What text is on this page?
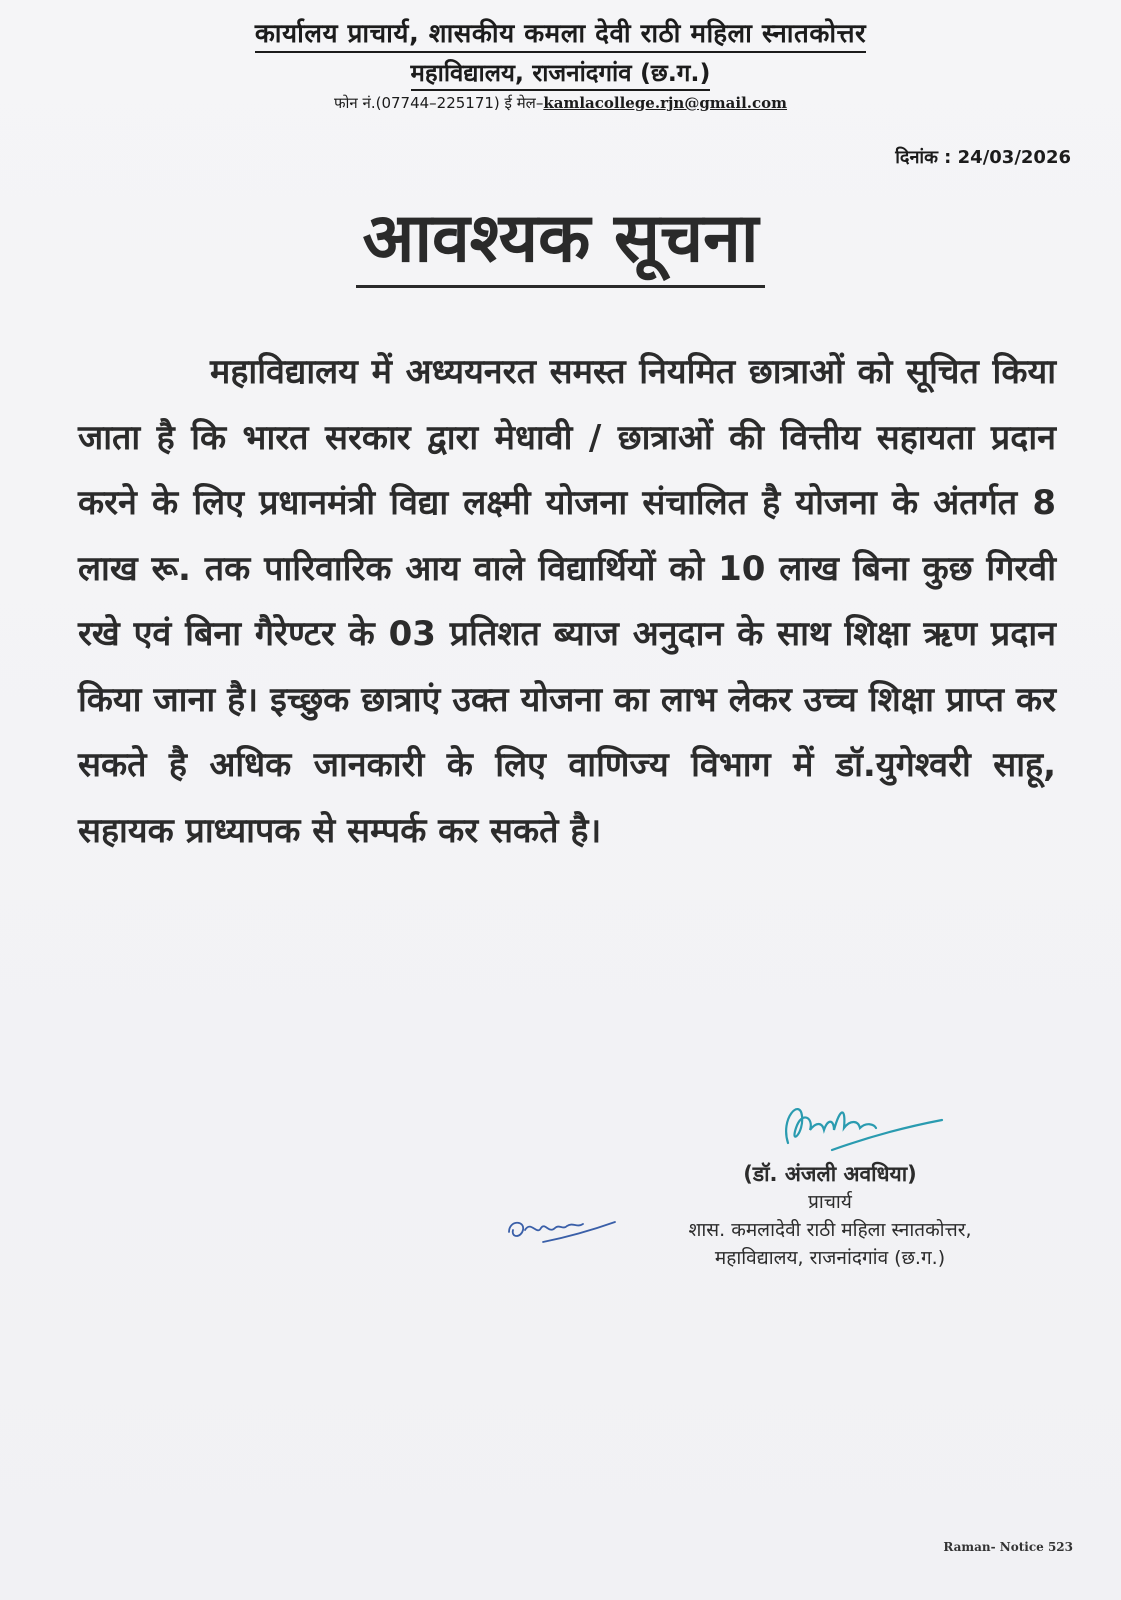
कार्यालय प्राचार्य, शासकीय कमला देवी राठी महिला स्नातकोत्तर
महाविद्यालय, राजनांदगांव (छ.ग.)
फोन नं.(07744–225171) ई मेल–kamlacollege.rjn@gmail.com
दिनांक : 24/03/2026
आवश्यक सूचना
महाविद्यालय में अध्ययनरत समस्त नियमित छात्राओं को सूचित किया जाता है कि भारत सरकार द्वारा मेधावी / छात्राओं की वित्तीय सहायता प्रदान करने के लिए प्रधानमंत्री विद्या लक्ष्मी योजना संचालित है योजना के अंतर्गत 8 लाख रू. तक पारिवारिक आय वाले विद्यार्थियों को 10 लाख बिना कुछ गिरवी रखे एवं बिना गैरेण्टर के 03 प्रतिशत ब्याज अनुदान के साथ शिक्षा ऋण प्रदान किया जाना है। इच्छुक छात्राएं उक्त योजना का लाभ लेकर उच्च शिक्षा प्राप्त कर सकते है अधिक जानकारी के लिए वाणिज्य विभाग में डॉ.युगेश्वरी साहू, सहायक प्राध्यापक से सम्पर्क कर सकते है।
(डॉ. अंजली अवधिया)
प्राचार्य
शास. कमलादेवी राठी महिला स्नातकोत्तर,
महाविद्यालय, राजनांदगांव (छ.ग.)
Raman- Notice 523
